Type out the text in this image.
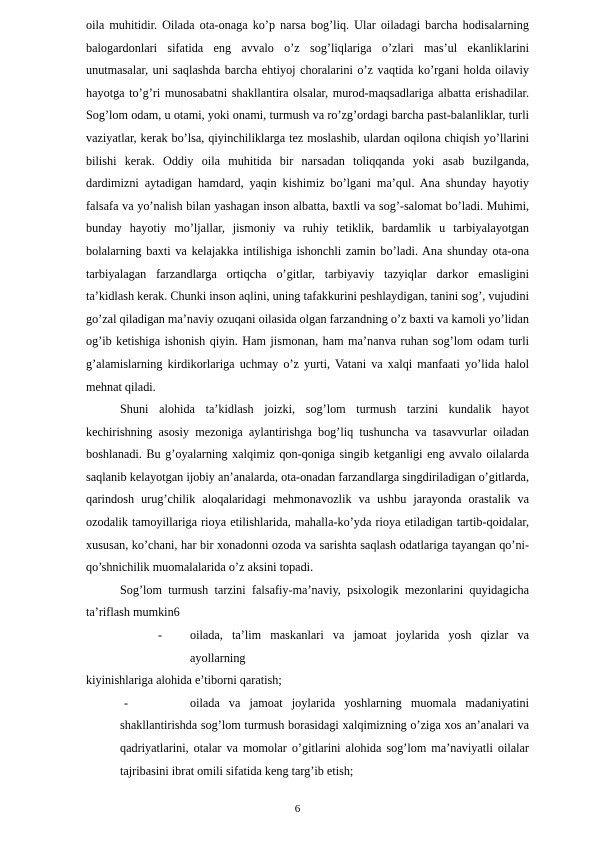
oila muhitidir. Oilada ota-onaga ko’p narsa bog’liq. Ular oiladagi barcha hodisalarning balogardonlari sifatida eng avvalo o’z sog’liqlariga o’zlari mas’ul ekanliklarini unutmasalar, uni saqlashda barcha ehtiyoj choralarini o’z vaqtida ko’rgani holda oilaviy hayotga to’g’ri munosabatni shakllantira olsalar, murod-maqsadlariga albatta erishadilar. Sog’lom odam, u otami, yoki onami, turmush va ro’zg’ordagi barcha past-balanliklar, turli vaziyatlar, kerak bo’lsa, qiyinchiliklarga tez moslashib, ulardan oqilona chiqish yo’llarini bilishi kerak. Oddiy oila muhitida bir narsadan toliqqanda yoki asab buzilganda, dardimizni aytadigan hamdard, yaqin kishimiz bo’lgani ma’qul. Ana shunday hayotiy falsafa va yo’nalish bilan yashagan inson albatta, baxtli va sog’-salomat bo’ladi. Muhimi, bunday hayotiy mo’ljallar, jismoniy va ruhiy tetiklik, bardamlik u tarbiyalayotgan bolalarning baxti va kelajakka intilishiga ishonchli zamin bo’ladi. Ana shunday ota-ona tarbiyalagan farzandlarga ortiqcha o’gitlar, tarbiyaviy tazyiqlar darkor emasligini ta’kidlash kerak. Chunki inson aqlini, uning tafakkurini peshlaydigan, tanini sog’, vujudini go’zal qiladigan ma’naviy ozuqani oilasida olgan farzandning o’z baxti va kamoli yo’lidan og’ib ketishiga ishonish qiyin. Ham jismonan, ham ma’nanva ruhan sog’lom odam turli g’alamislarning kirdikorlariga uchmay o’z yurti, Vatani va xalqi manfaati yo’lida halol mehnat qiladi.

Shuni alohida ta’kidlash joizki, sog’lom turmush tarzini kundalik hayot kechirishning asosiy mezoniga aylantirishga bog’liq tushuncha va tasavvurlar oiladan boshlanadi. Bu g’oyalarning xalqimiz qon-qoniga singib ketganligi eng avvalo oilalarda saqlanib kelayotgan ijobiy an’analarda, ota-onadan farzandlarga singdiriladigan o’gitlarda, qarindosh urug’chilik aloqalaridagi mehmonavozlik va ushbu jarayonda orastalik va ozodalik tamoyillariga rioya etilishlarida, mahalla-ko’yda rioya etiladigan tartib-qoidalar, xususan, ko’chani, har bir xonadonni ozoda va sarishta saqlash odatlariga tayangan qo’ni-qo’shnichilik muomalalarida o’z aksini topadi.

Sog’lom turmush tarzini falsafiy-ma’naviy, psixologik mezonlarini quyidagicha ta’riflash mumkin6

-	oilada, ta’lim maskanlari va jamoat joylarida yosh qizlar va ayollarning

kiyinishlariga alohida e’tiborni qaratish;

-	oilada va jamoat joylarida yoshlarning muomala madaniyatini shakllantirishda sog’lom turmush borasidagi xalqimizning o’ziga xos an’analari va qadriyatlarini, otalar va momolar o’gitlarini alohida sog’lom ma’naviyatli oilalar tajribasini ibrat omili sifatida keng targ’ib etish;

6
